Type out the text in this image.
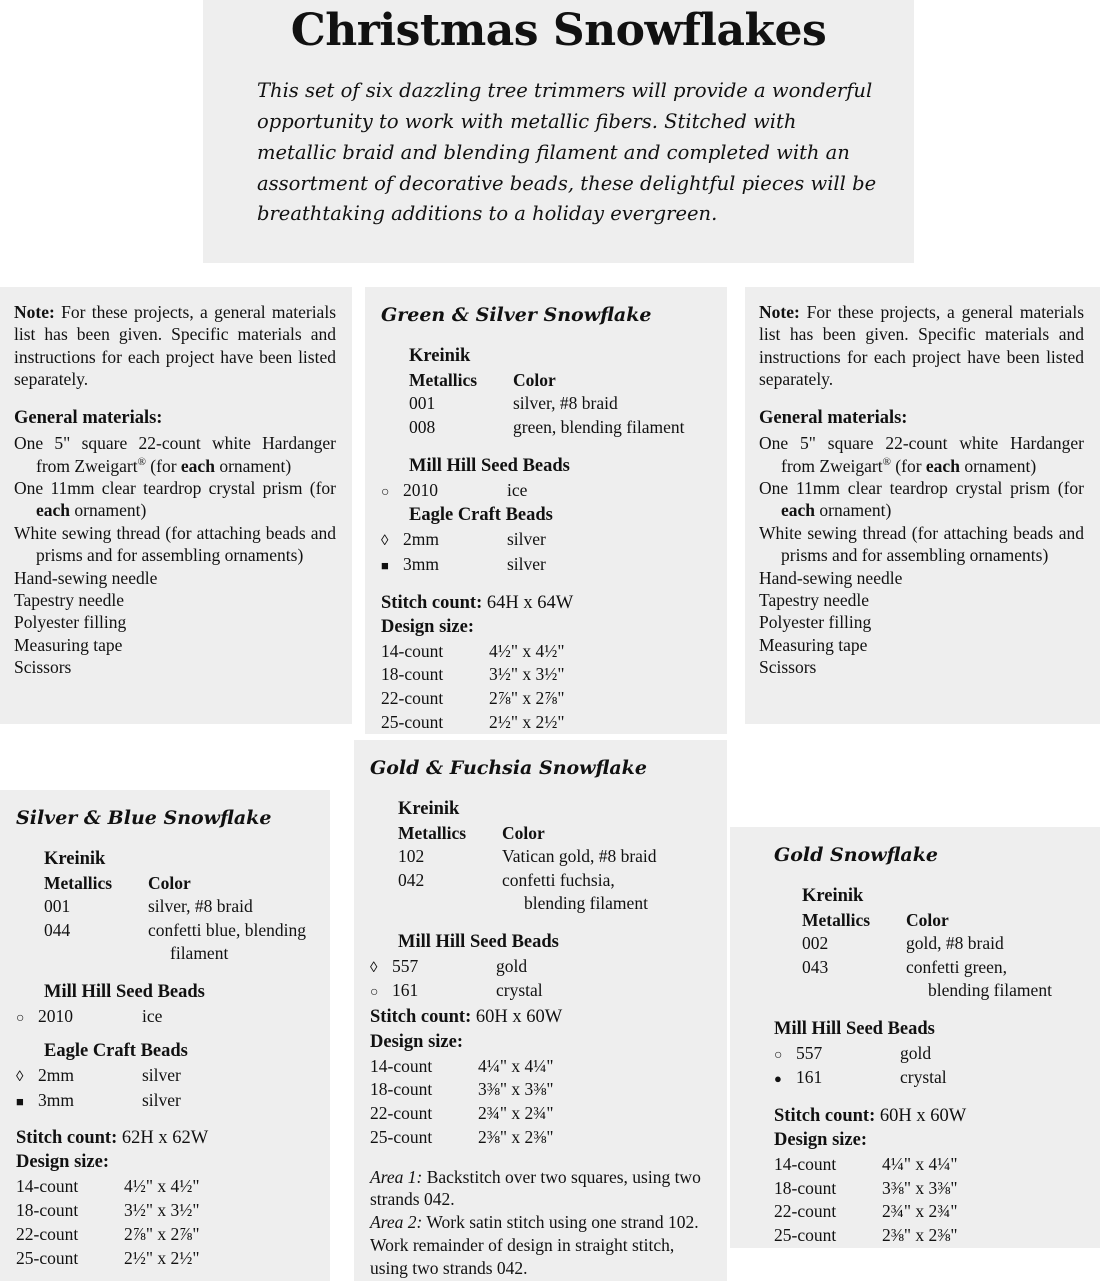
Christmas Snowflakes
This set of six dazzling tree trimmers will provide a wonderful opportunity to work with metallic fibers. Stitched with metallic braid and blending filament and completed with an assortment of decorative beads, these delightful pieces will be breathtaking additions to a holiday evergreen.

Note: For these projects, a general materials list has been given. Specific materials and instructions for each project have been listed separately.

General materials:

One 5" square 22-count white Hardanger from Zweigart® (for each ornament)

One 11mm clear teardrop crystal prism (for each ornament)

White sewing thread (for attaching beads and prisms and for assembling ornaments)

Hand-sewing needle

Tapestry needle

Polyester filling

Measuring tape

Scissors

Note: For these projects, a general materials list has been given. Specific materials and instructions for each project have been listed separately.

General materials:

One 5" square 22-count white Hardanger from Zweigart® (for each ornament)

One 11mm clear teardrop crystal prism (for each ornament)

White sewing thread (for attaching beads and prisms and for assembling ornaments)

Hand-sewing needle

Tapestry needle

Polyester filling

Measuring tape

Scissors

Green & Silver Snowflake
Kreinik
Metallics	Color
001	silver, #8 braid
008	green, blending filament
Mill Hill Seed Beads
○	2010	ice
Eagle Craft Beads
◊	2mm	silver
■	3mm	silver
Stitch count: 64H x 64W
Design size:
14-count	4½" x 4½"
18-count	3½" x 3½"
22-count	2⅞" x 2⅞"
25-count	2½" x 2½"
Gold & Fuchsia Snowflake
Kreinik
Metallics	Color
102	Vatican gold, #8 braid
042	confetti fuchsia,
blending filament
Mill Hill Seed Beads
◊	557	gold
○	161	crystal
Stitch count: 60H x 60W
Design size:
14-count	4¼" x 4¼"
18-count	3⅜" x 3⅜"
22-count	2¾" x 2¾"
25-count	2⅜" x 2⅜"

Area 1: Backstitch over two squares, using two strands 042.

Area 2: Work satin stitch using one strand 102.

Work remainder of design in straight stitch, using two strands 042.

Silver & Blue Snowflake
Kreinik
Metallics	Color
001	silver, #8 braid
044	confetti blue, blending
filament
Mill Hill Seed Beads
○	2010	ice
Eagle Craft Beads
◊	2mm	silver
■	3mm	silver
Stitch count: 62H x 62W
Design size:
14-count	4½" x 4½"
18-count	3½" x 3½"
22-count	2⅞" x 2⅞"
25-count	2½" x 2½"
Gold Snowflake
Kreinik
Metallics	Color
002	gold, #8 braid
043	confetti green,
blending filament
Mill Hill Seed Beads
○	557	gold
●	161	crystal
Stitch count: 60H x 60W
Design size:
14-count	4¼" x 4¼"
18-count	3⅜" x 3⅜"
22-count	2¾" x 2¾"
25-count	2⅜" x 2⅜"
